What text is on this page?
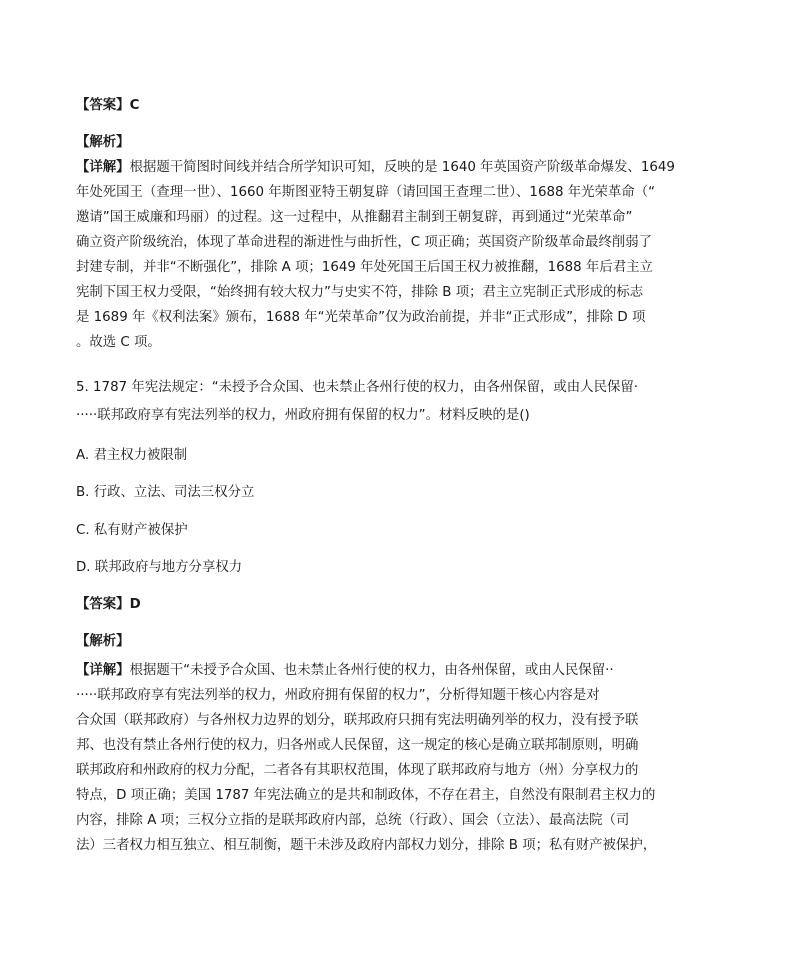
【答案】C
【解析】
【详解】根据题干简图时间线并结合所学知识可知，反映的是 1640 年英国资产阶级革命爆发、1649
年处死国王（查理一世）、1660 年斯图亚特王朝复辟（请回国王查理二世）、1688 年光荣革命（“
邀请”国王威廉和玛丽）的过程。这一过程中，从推翻君主制到王朝复辟，再到通过“光荣革命”
确立资产阶级统治，体现了革命进程的渐进性与曲折性，C 项正确；英国资产阶级革命最终削弱了
封建专制，并非“不断强化”，排除 A 项；1649 年处死国王后国王权力被推翻，1688 年后君主立
宪制下国王权力受限，“始终拥有较大权力”与史实不符，排除 B 项；君主立宪制正式形成的标志
是 1689 年《权利法案》颁布，1688 年“光荣革命”仅为政治前提，并非“正式形成”，排除 D 项
。故选 C 项。
5. 1787 年宪法规定：“未授予合众国、也未禁止各州行使的权力，由各州保留，或由人民保留·
·····联邦政府享有宪法列举的权力，州政府拥有保留的权力”。材料反映的是()
A. 君主权力被限制
B. 行政、立法、司法三权分立
C. 私有财产被保护
D. 联邦政府与地方分享权力
【答案】D
【解析】
【详解】根据题干“未授予合众国、也未禁止各州行使的权力，由各州保留，或由人民保留··
·····联邦政府享有宪法列举的权力，州政府拥有保留的权力”，分析得知题干核心内容是对
合众国（联邦政府）与各州权力边界的划分，联邦政府只拥有宪法明确列举的权力，没有授予联
邦、也没有禁止各州行使的权力，归各州或人民保留，这一规定的核心是确立联邦制原则，明确
联邦政府和州政府的权力分配，二者各有其职权范围，体现了联邦政府与地方（州）分享权力的
特点，D 项正确；美国 1787 年宪法确立的是共和制政体，不存在君主，自然没有限制君主权力的
内容，排除 A 项；三权分立指的是联邦政府内部，总统（行政）、国会（立法）、最高法院（司
法）三者权力相互独立、相互制衡，题干未涉及政府内部权力划分，排除 B 项；私有财产被保护，
